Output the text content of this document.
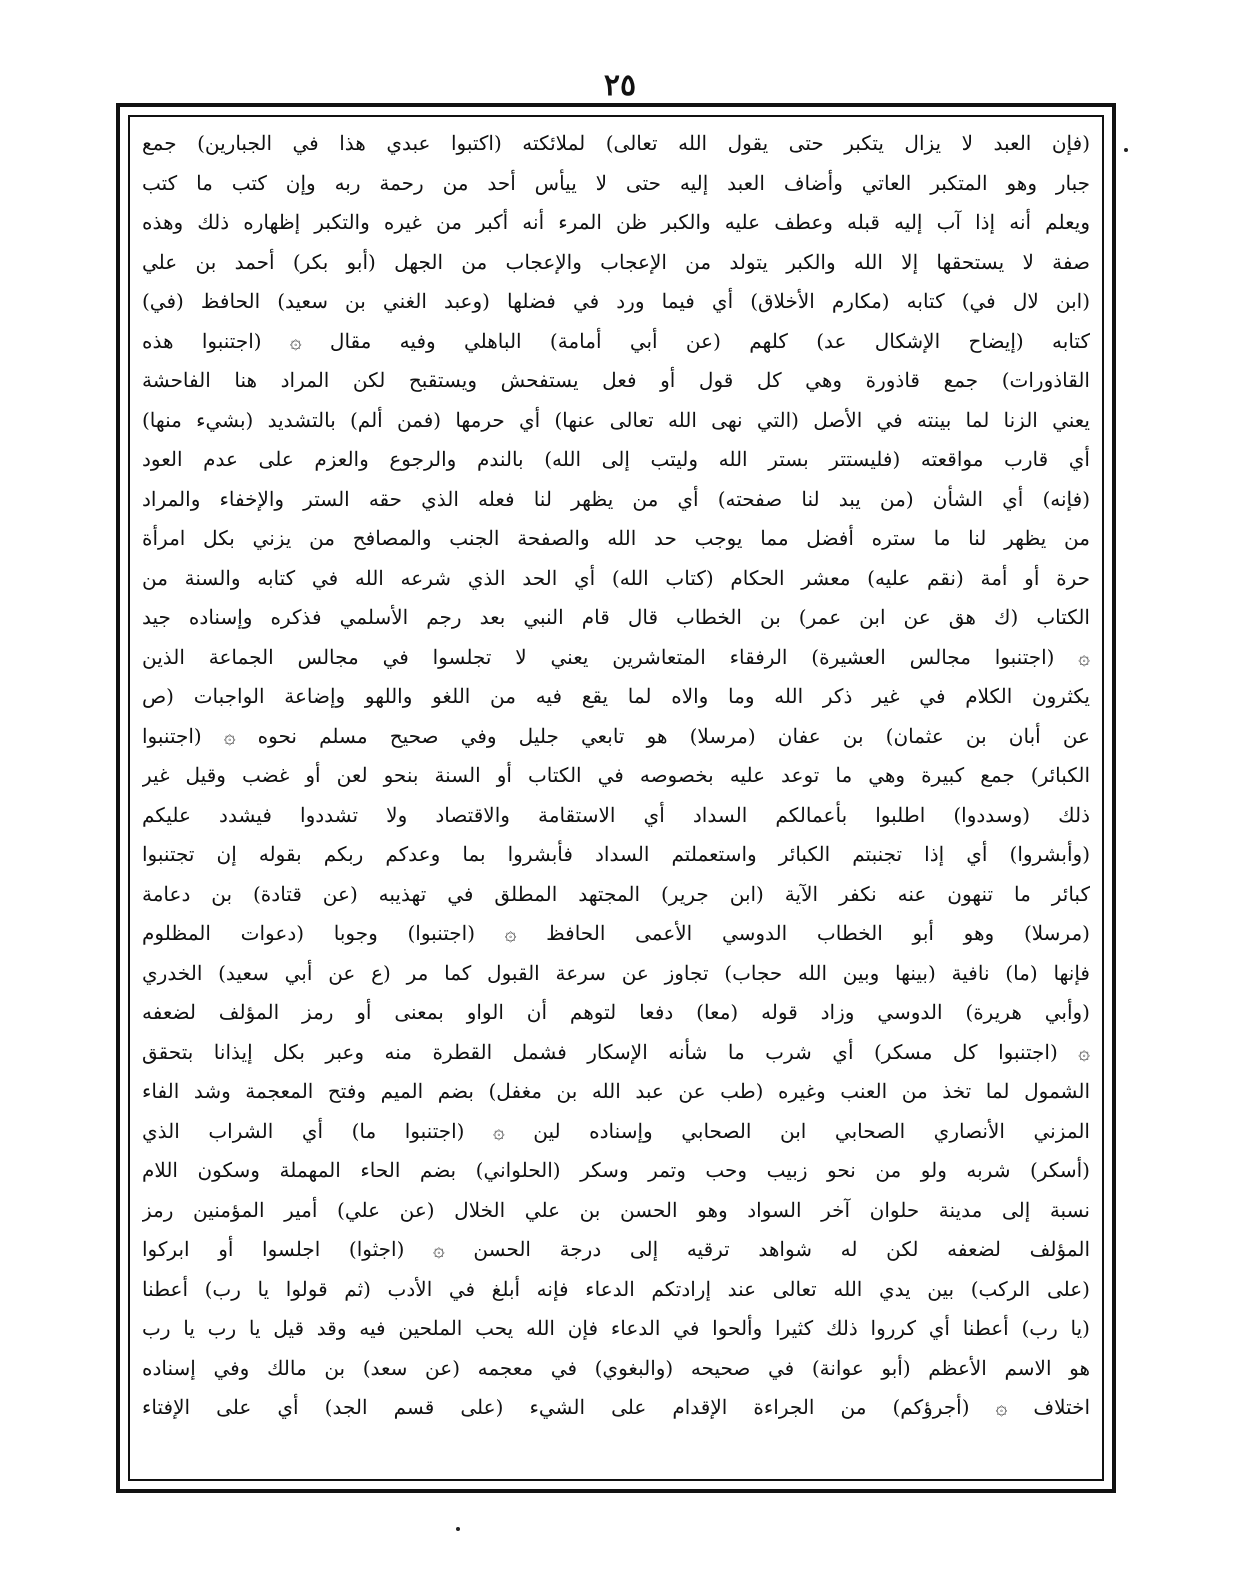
٢٥
(فإن العبد لا يزال يتكبر حتى يقول الله تعالى) لملائكته (اكتبوا عبدي هذا في الجبارين) جمع
جبار وهو المتكبر العاتي وأضاف العبد إليه حتى لا ييأس أحد من رحمة ربه وإن كتب ما كتب
ويعلم أنه إذا آب إليه قبله وعطف عليه والكبر ظن المرء أنه أكبر من غيره والتكبر إظهاره ذلك وهذه
صفة لا يستحقها إلا الله والكبر يتولد من الإعجاب والإعجاب من الجهل (أبو بكر) أحمد بن علي
(ابن لال في) كتابه (مكارم الأخلاق) أي فيما ورد في فضلها (وعبد الغني بن سعيد) الحافظ (في)
كتابه (إيضاح الإشكال عد) كلهم (عن أبي أمامة) الباهلي وفيه مقال ۞ (اجتنبوا هذه
القاذورات) جمع قاذورة وهي كل قول أو فعل يستفحش ويستقبح لكن المراد هنا الفاحشة
يعني الزنا لما بينته في الأصل (التي نهى الله تعالى عنها) أي حرمها (فمن ألم) بالتشديد (بشيء منها)
أي قارب مواقعته (فليستتر بستر الله وليتب إلى الله) بالندم والرجوع والعزم على عدم العود
(فإنه) أي الشأن (من يبد لنا صفحته) أي من يظهر لنا فعله الذي حقه الستر والإخفاء والمراد
من يظهر لنا ما ستره أفضل مما يوجب حد الله والصفحة الجنب والمصافح من يزني بكل امرأة
حرة أو أمة (نقم عليه) معشر الحكام (كتاب الله) أي الحد الذي شرعه الله في كتابه والسنة من
الكتاب (ك هق عن ابن عمر) بن الخطاب قال قام النبي بعد رجم الأسلمي فذكره وإسناده جيد
۞ (اجتنبوا مجالس العشيرة) الرفقاء المتعاشرين يعني لا تجلسوا في مجالس الجماعة الذين
يكثرون الكلام في غير ذكر الله وما والاه لما يقع فيه من اللغو واللهو وإضاعة الواجبات (ص
عن أبان بن عثمان) بن عفان (مرسلا) هو تابعي جليل وفي صحيح مسلم نحوه ۞ (اجتنبوا
الكبائر) جمع كبيرة وهي ما توعد عليه بخصوصه في الكتاب أو السنة بنحو لعن أو غضب وقيل غير
ذلك (وسددوا) اطلبوا بأعمالكم السداد أي الاستقامة والاقتصاد ولا تشددوا فيشدد عليكم
(وأبشروا) أي إذا تجنبتم الكبائر واستعملتم السداد فأبشروا بما وعدكم ربكم بقوله إن تجتنبوا
كبائر ما تنهون عنه نكفر الآية (ابن جرير) المجتهد المطلق في تهذيبه (عن قتادة) بن دعامة
(مرسلا) وهو أبو الخطاب الدوسي الأعمى الحافظ ۞ (اجتنبوا) وجوبا (دعوات المظلوم
فإنها (ما) نافية (بينها وبين الله حجاب) تجاوز عن سرعة القبول كما مر (ع عن أبي سعيد) الخدري
(وأبي هريرة) الدوسي وزاد قوله (معا) دفعا لتوهم أن الواو بمعنى أو رمز المؤلف لضعفه
۞ (اجتنبوا كل مسكر) أي شرب ما شأنه الإسكار فشمل القطرة منه وعبر بكل إيذانا بتحقق
الشمول لما تخذ من العنب وغيره (طب عن عبد الله بن مغفل) بضم الميم وفتح المعجمة وشد الفاء
المزني الأنصاري الصحابي ابن الصحابي وإسناده لين ۞ (اجتنبوا ما) أي الشراب الذي
(أسكر) شربه ولو من نحو زبيب وحب وتمر وسكر (الحلواني) بضم الحاء المهملة وسكون اللام
نسبة إلى مدينة حلوان آخر السواد وهو الحسن بن علي الخلال (عن علي) أمير المؤمنين رمز
المؤلف لضعفه لكن له شواهد ترقيه إلى درجة الحسن ۞ (اجثوا) اجلسوا أو ابركوا
(على الركب) بين يدي الله تعالى عند إرادتكم الدعاء فإنه أبلغ في الأدب (ثم قولوا يا رب) أعطنا
(يا رب) أعطنا أي كرروا ذلك كثيرا وألحوا في الدعاء فإن الله يحب الملحين فيه وقد قيل يا رب يا رب
هو الاسم الأعظم (أبو عوانة) في صحيحه (والبغوي) في معجمه (عن سعد) بن مالك وفي إسناده
اختلاف ۞ (أجرؤكم) من الجراءة الإقدام على الشيء (على قسم الجد) أي على الإفتاء
